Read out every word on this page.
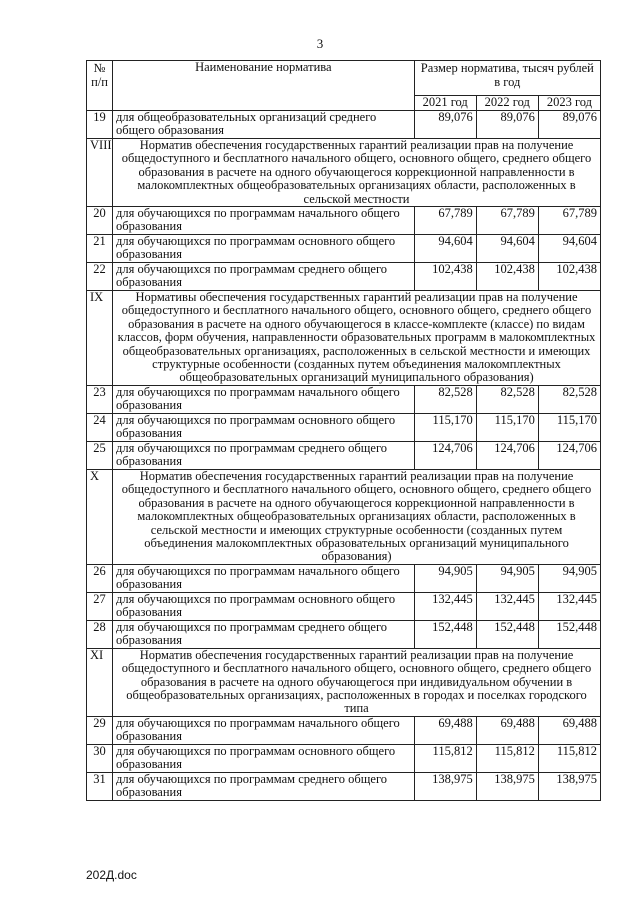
3
№ п/п	Наименование норматива	Размер норматива, тысяч рублей в год		
		2021 год	2022 год	2023 год
19	для общеобразовательных организаций среднего общего образования	89,076	89,076	89,076
VIII	Норматив обеспечения государственных гарантий реализации прав на получение общедоступного и бесплатного начального общего, основного общего, среднего общего образования в расчете на одного обучающегося коррекционной направленности в малокомплектных общеобразовательных организациях области, расположенных в сельской местности			
20	для обучающихся по программам начального общего образования	67,789	67,789	67,789
21	для обучающихся по программам основного общего образования	94,604	94,604	94,604
22	для обучающихся по программам среднего общего образования	102,438	102,438	102,438
IX	Нормативы обеспечения государственных гарантий реализации прав на получение общедоступного и бесплатного начального общего, основного общего, среднего общего образования в расчете на одного обучающегося в классе-комплекте (классе) по видам классов, форм обучения, направленности образовательных программ в малокомплектных общеобразовательных организациях, расположенных в сельской местности и имеющих структурные особенности (созданных путем объединения малокомплектных общеобразовательных организаций муниципального образования)			
23	для обучающихся по программам начального общего образования	82,528	82,528	82,528
24	для обучающихся по программам основного общего образования	115,170	115,170	115,170
25	для обучающихся по программам среднего общего образования	124,706	124,706	124,706
X	Норматив обеспечения государственных гарантий реализации прав на получение общедоступного и бесплатного начального общего, основного общего, среднего общего образования в расчете на одного обучающегося коррекционной направленности в малокомплектных общеобразовательных организациях области, расположенных в сельской местности и имеющих структурные особенности (созданных путем объединения малокомплектных образовательных организаций муниципального образования)			
26	для обучающихся по программам начального общего образования	94,905	94,905	94,905
27	для обучающихся по программам основного общего образования	132,445	132,445	132,445
28	для обучающихся по программам среднего общего образования	152,448	152,448	152,448
XI	Норматив обеспечения государственных гарантий реализации прав на получение общедоступного и бесплатного начального общего, основного общего, среднего общего образования в расчете на одного обучающегося при индивидуальном обучении в общеобразовательных организациях, расположенных в городах и поселках городского типа			
29	для обучающихся по программам начального общего образования	69,488	69,488	69,488
30	для обучающихся по программам основного общего образования	115,812	115,812	115,812
31	для обучающихся по программам среднего общего образования	138,975	138,975	138,975
202Д.doc
